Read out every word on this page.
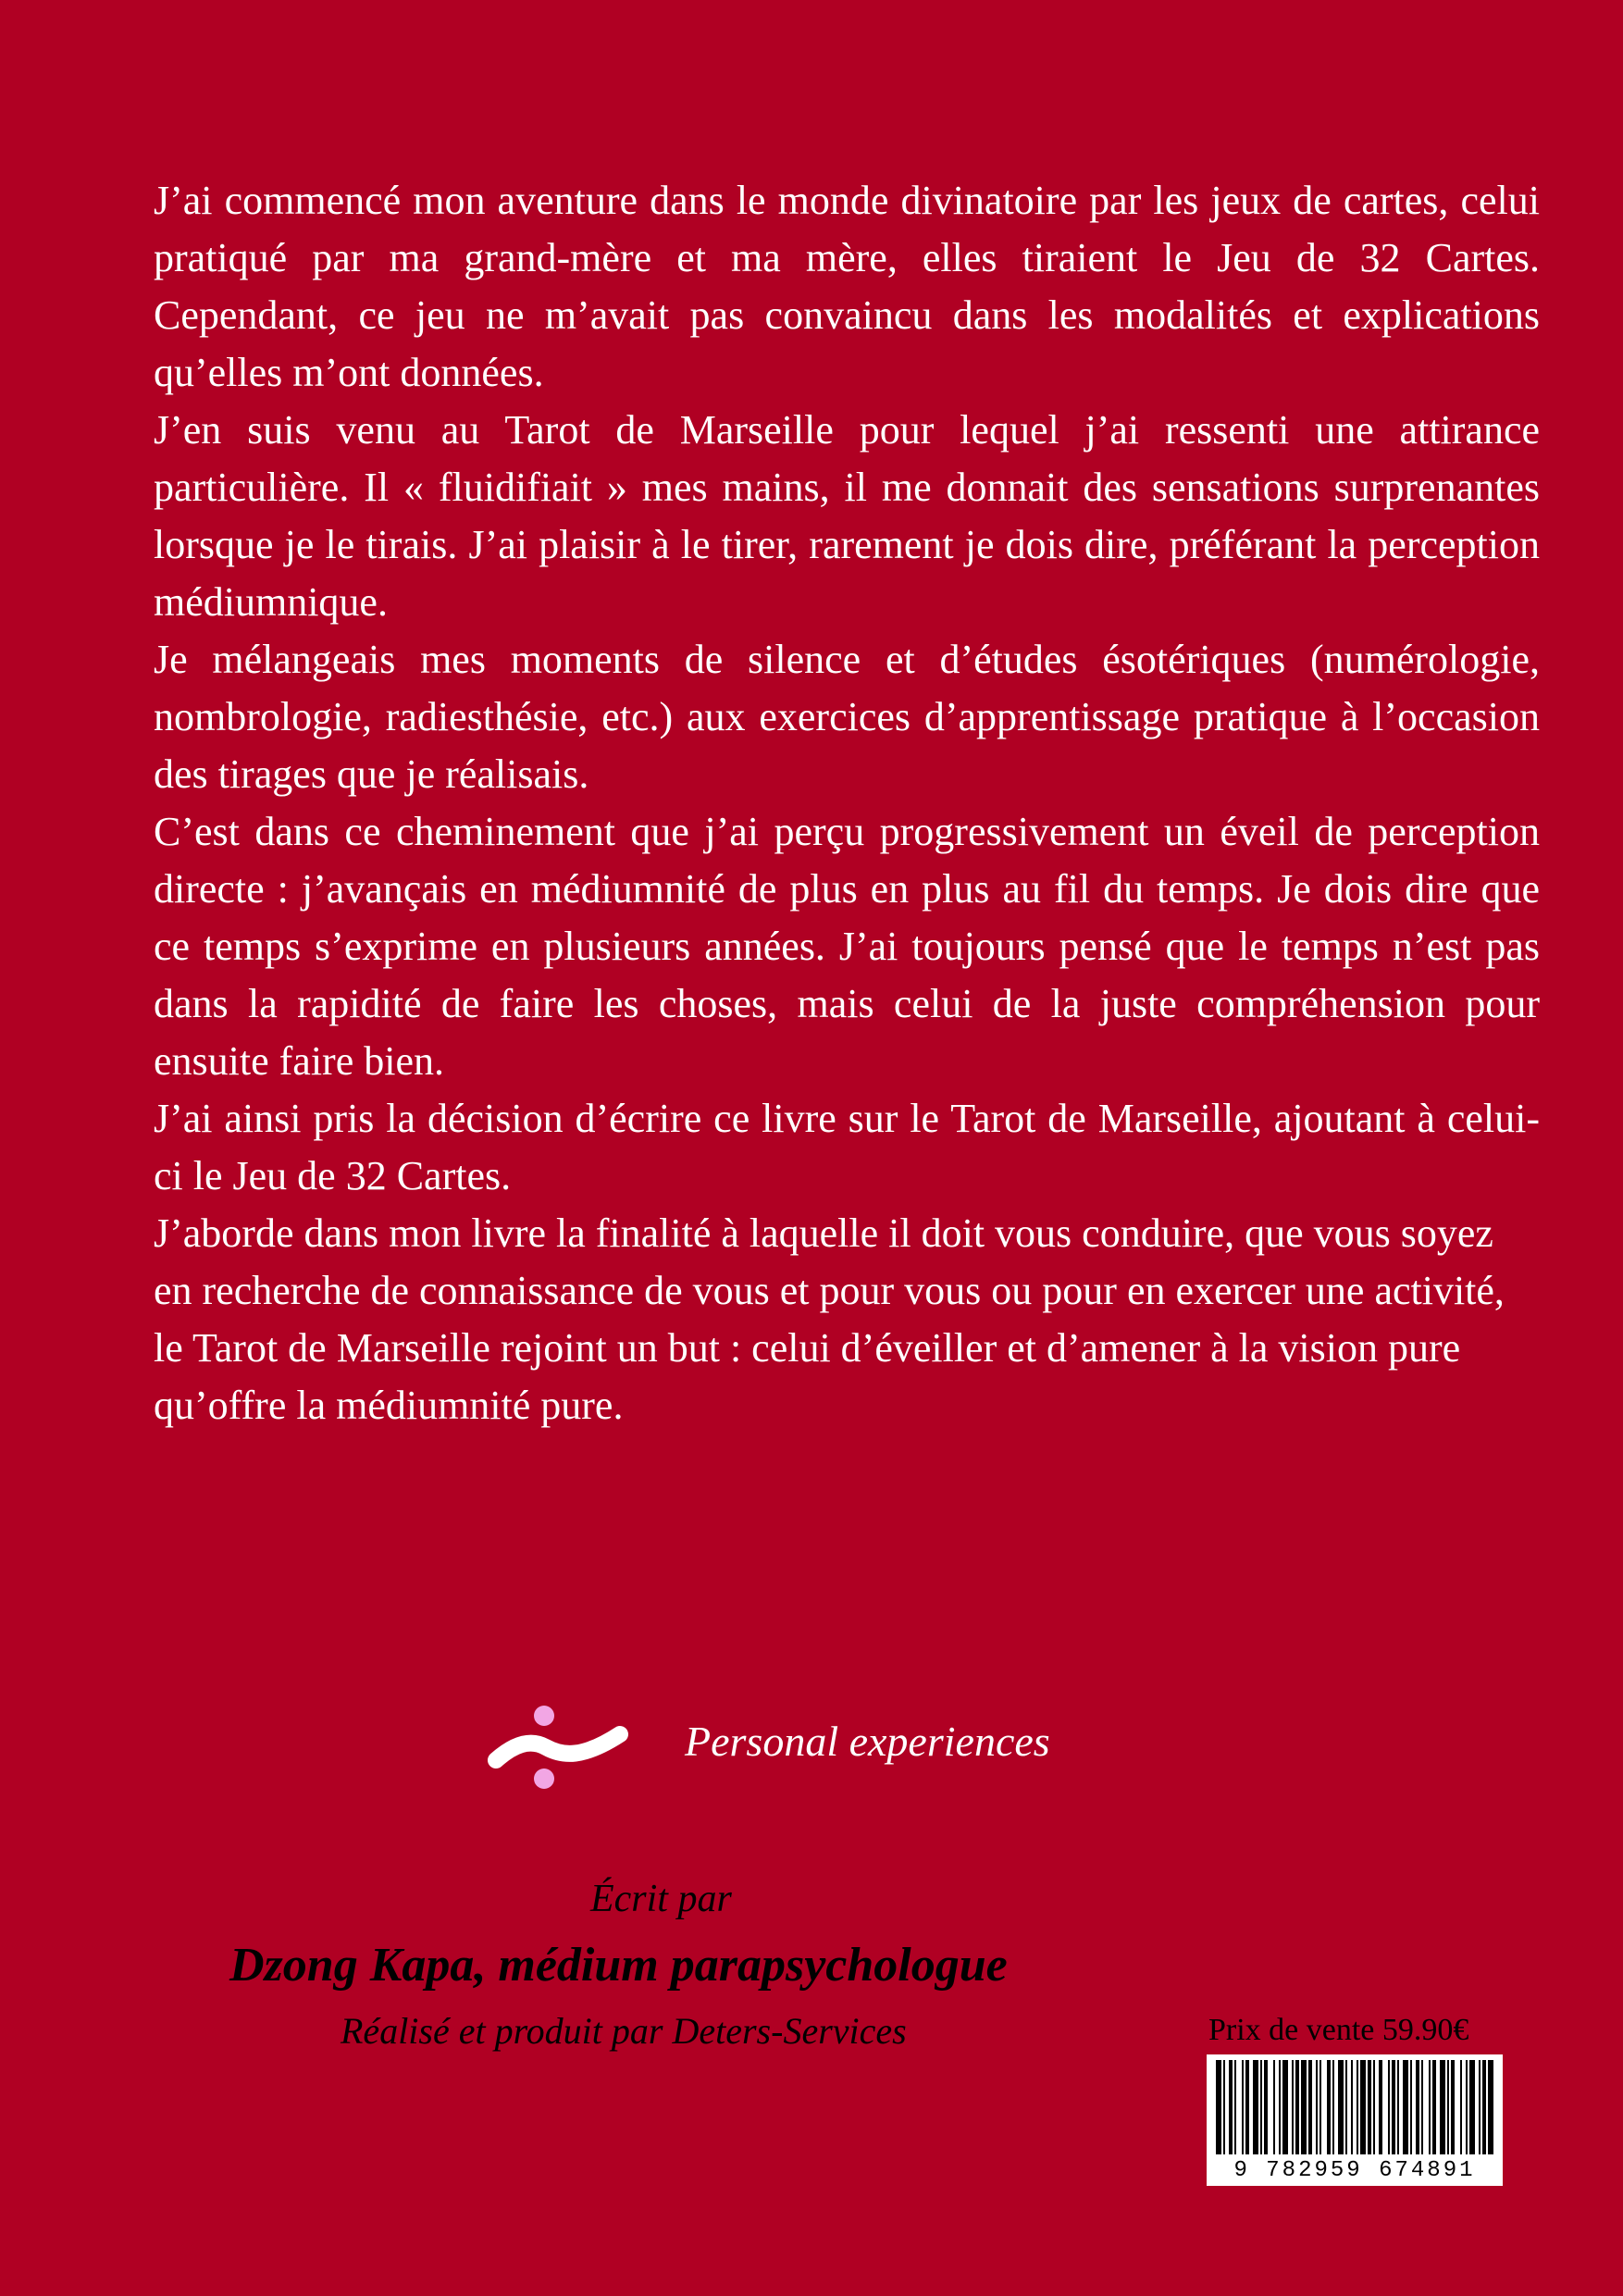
J’ai commencé mon aventure dans le monde divinatoire par les jeux de cartes, celui pratiqué par ma grand-mère et ma mère, elles tiraient le Jeu de 32 Cartes. Cependant, ce jeu ne m’avait pas convaincu dans les modalités et explications qu’elles m’ont données.

J’en suis venu au Tarot de Marseille pour lequel j’ai ressenti une attirance particulière. Il « fluidifiait » mes mains, il me donnait des sensations surprenantes lorsque je le tirais. J’ai plaisir à le tirer, rarement je dois dire, préférant la perception médiumnique.

Je mélangeais mes moments de silence et d’études ésotériques (numérologie, nombrologie, radiesthésie, etc.) aux exercices d’apprentissage pratique à l’occasion des tirages que je réalisais.

C’est dans ce cheminement que j’ai perçu progressivement un éveil de perception directe : j’avançais en médiumnité de plus en plus au fil du temps. Je dois dire que ce temps s’exprime en plusieurs années. J’ai toujours pensé que le temps n’est pas dans la rapidité de faire les choses, mais celui de la juste compréhension pour ensuite faire bien.

J’ai ainsi pris la décision d’écrire ce livre sur le Tarot de Marseille, ajoutant à celui-ci le Jeu de 32 Cartes.

J’aborde dans mon livre la finalité à laquelle il doit vous conduire, que vous soyez en recherche de connaissance de vous et pour vous ou pour en exercer une activité, le Tarot de Marseille rejoint un but : celui d’éveiller et d’amener à la vision pure qu’offre la médiumnité pure.

Personal experiences
Écrit par
Dzong Kapa, médium parapsychologue
Réalisé et produit par Deters-Services	Prix de vente 59.90€
9 782959 674891
